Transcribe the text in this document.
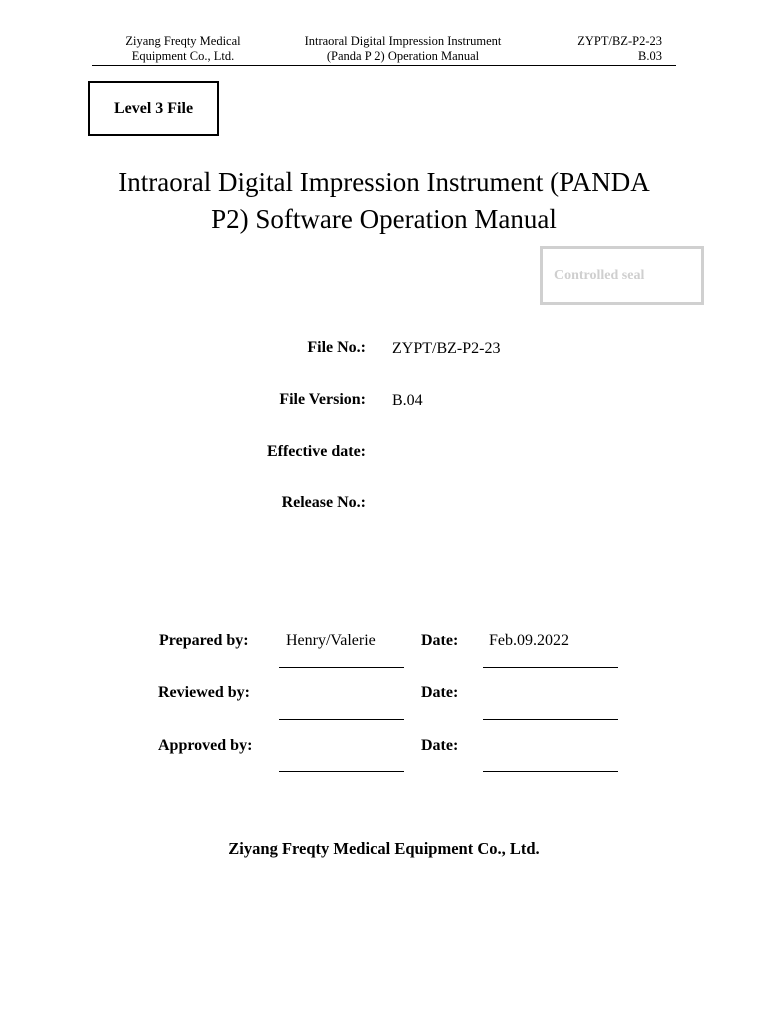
Ziyang Freqty Medical
Equipment Co., Ltd.
Intraoral Digital Impression Instrument
(Panda P 2) Operation Manual
ZYPT/BZ-P2-23
B.03
Level 3 File
Intraoral Digital Impression Instrument (PANDA
P2) Software Operation Manual
Controlled seal
File No.: ZYPT/BZ-P2-23
File Version: B.04
Effective date:
Release No.:
Prepared by: Henry/Valerie	Date: Feb.09.2022
Reviewed by:	Date:
Approved by:	Date:
Ziyang Freqty Medical Equipment Co., Ltd.
